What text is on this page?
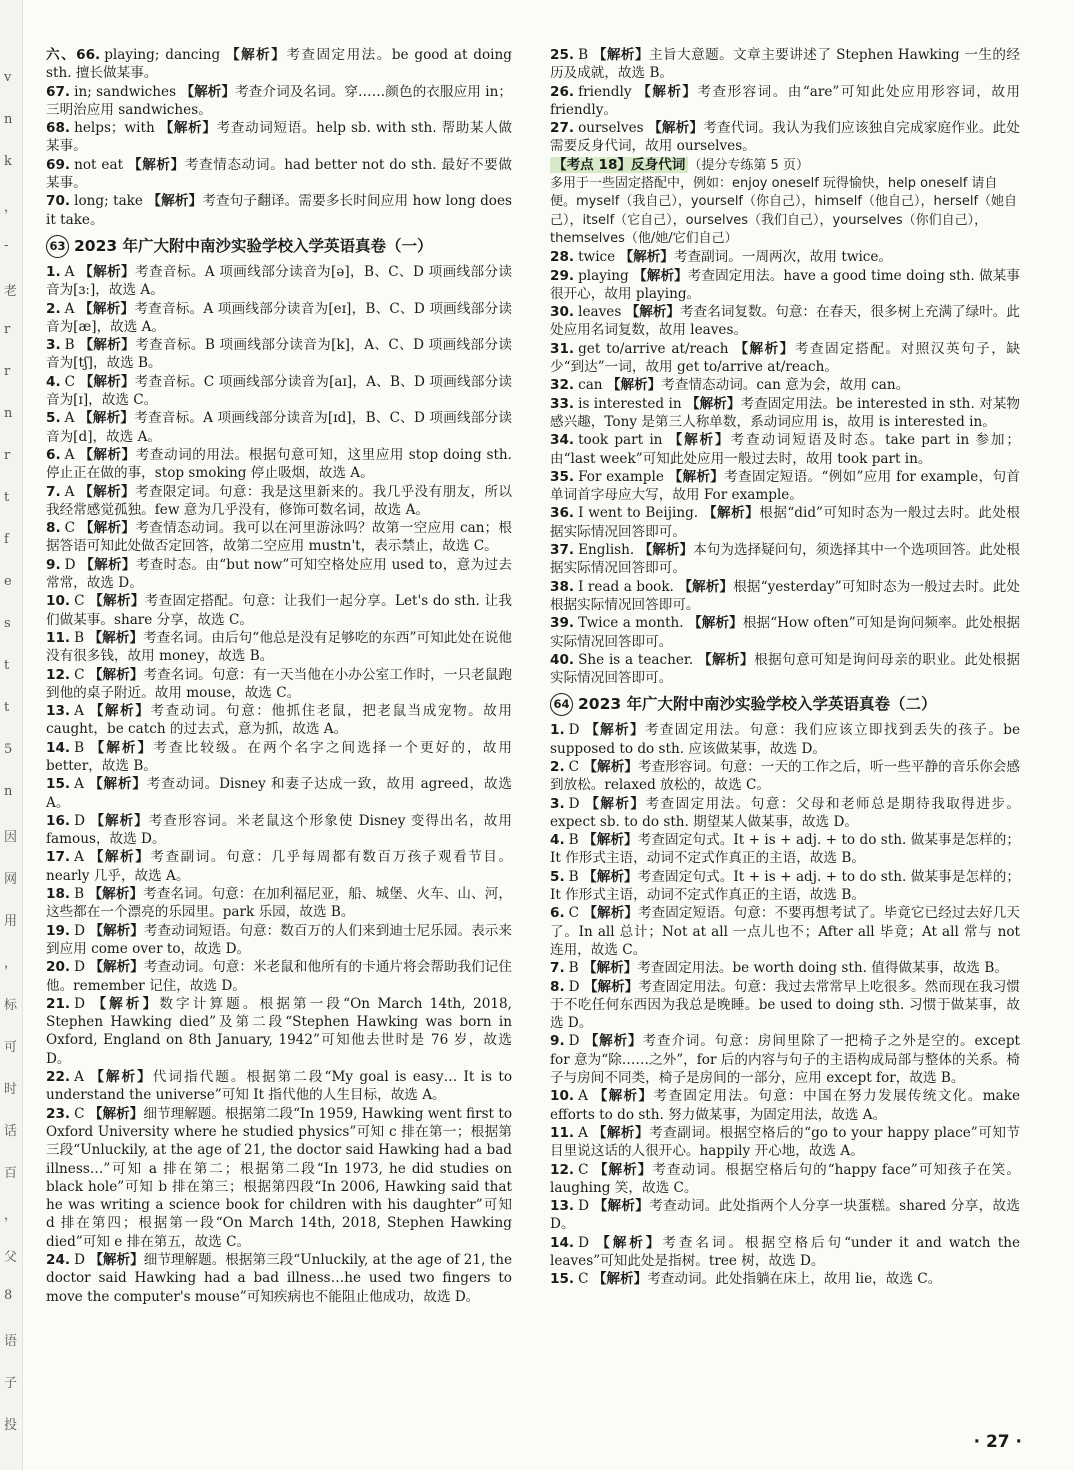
v
n
k
，
-
老
r
r
n
r
t
f
e
s
t
t
5
n
因
网
用
，
标
可
时
话
百
，
父
8
语
子
投
六、66. playing; dancing 【解析】考查固定用法。be good at doing sth. 擅长做某事。
67. in; sandwiches 【解析】考查介词及名词。穿……颜色的衣服应用 in；三明治应用 sandwiches。
68. helps；with 【解析】考查动词短语。help sb. with sth. 帮助某人做某事。
69. not eat 【解析】考查情态动词。had better not do sth. 最好不要做某事。
70. long; take 【解析】考查句子翻译。需要多长时间应用 how long does it take。
63 2023 年广大附中南沙实验学校入学英语真卷（一）
1. A 【解析】考查音标。A 项画线部分读音为[ə]，B、C、D 项画线部分读音为[ɜː]，故选 A。
2. A 【解析】考查音标。A 项画线部分读音为[eɪ]，B、C、D 项画线部分读音为[æ]，故选 A。
3. B 【解析】考查音标。B 项画线部分读音为[k]，A、C、D 项画线部分读音为[tʃ]，故选 B。
4. C 【解析】考查音标。C 项画线部分读音为[aɪ]，A、B、D 项画线部分读音为[ɪ]，故选 C。
5. A 【解析】考查音标。A 项画线部分读音为[ɪd]，B、C、D 项画线部分读音为[d]，故选 A。
6. A 【解析】考查动词的用法。根据句意可知，这里应用 stop doing sth. 停止正在做的事，stop smoking 停止吸烟，故选 A。
7. A 【解析】考查限定词。句意：我是这里新来的。我几乎没有朋友，所以我经常感觉孤独。few 意为几乎没有，修饰可数名词，故选 A。
8. C 【解析】考查情态动词。我可以在河里游泳吗？故第一空应用 can；根据答语可知此处做否定回答，故第二空应用 mustn't，表示禁止，故选 C。
9. D 【解析】考查时态。由“but now”可知空格处应用 used to，意为过去常常，故选 D。
10. C 【解析】考查固定搭配。句意：让我们一起分享。Let's do sth. 让我们做某事。share 分享，故选 C。
11. B 【解析】考查名词。由后句“他总是没有足够吃的东西”可知此处在说他没有很多钱，故用 money，故选 B。
12. C 【解析】考查名词。句意：有一天当他在小办公室工作时，一只老鼠跑到他的桌子附近。故用 mouse，故选 C。
13. A 【解析】考查动词。句意：他抓住老鼠，把老鼠当成宠物。故用 caught，be catch 的过去式，意为抓，故选 A。
14. B 【解析】考查比较级。在两个名字之间选择一个更好的，故用 better，故选 B。
15. A 【解析】考查动词。Disney 和妻子达成一致，故用 agreed，故选 A。
16. D 【解析】考查形容词。米老鼠这个形象使 Disney 变得出名，故用 famous，故选 D。
17. A 【解析】考查副词。句意：几乎每周都有数百万孩子观看节目。nearly 几乎，故选 A。
18. B 【解析】考查名词。句意：在加利福尼亚，船、城堡、火车、山、河，这些都在一个漂亮的乐园里。park 乐园，故选 B。
19. D 【解析】考查动词短语。句意：数百万的人们来到迪士尼乐园。表示来到应用 come over to，故选 D。
20. D 【解析】考查动词。句意：米老鼠和他所有的卡通片将会帮助我们记住他。remember 记住，故选 D。
21. D 【解析】数字计算题。根据第一段“On March 14th, 2018, Stephen Hawking died”及第二段“Stephen Hawking was born in Oxford, England on 8th January, 1942”可知他去世时是 76 岁，故选 D。
22. A 【解析】代词指代题。根据第二段“My goal is easy… It is to understand the universe”可知 It 指代他的人生目标，故选 A。
23. C 【解析】细节理解题。根据第二段“In 1959, Hawking went first to Oxford University where he studied physics”可知 c 排在第一；根据第三段“Unluckily, at the age of 21, the doctor said Hawking had a bad illness…”可知 a 排在第二；根据第二段“In 1973, he did studies on black hole”可知 b 排在第三；根据第四段“In 2006, Hawking said that he was writing a science book for children with his daughter”可知 d 排在第四；根据第一段“On March 14th, 2018, Stephen Hawking died”可知 e 排在第五，故选 C。
24. D 【解析】细节理解题。根据第三段“Unluckily, at the age of 21, the doctor said Hawking had a bad illness…he used two fingers to move the computer's mouse”可知疾病也不能阻止他成功，故选 D。
25. B 【解析】主旨大意题。文章主要讲述了 Stephen Hawking 一生的经历及成就，故选 B。
26. friendly 【解析】考查形容词。由“are”可知此处应用形容词，故用 friendly。
27. ourselves 【解析】考查代词。我认为我们应该独自完成家庭作业。此处需要反身代词，故用 ourselves。
【考点 18】反身代词 （提分专练第 5 页）
多用于一些固定搭配中，例如：enjoy oneself 玩得愉快，help oneself 请自便。myself（我自己），yourself（你自己），himself（他自己），herself（她自己），itself（它自己），ourselves（我们自己），yourselves（你们自己），themselves（他/她/它们自己）
28. twice 【解析】考查副词。一周两次，故用 twice。
29. playing 【解析】考查固定用法。have a good time doing sth. 做某事很开心，故用 playing。
30. leaves 【解析】考查名词复数。句意：在春天，很多树上充满了绿叶。此处应用名词复数，故用 leaves。
31. get to/arrive at/reach 【解析】考查固定搭配。对照汉英句子，缺少“到达”一词，故用 get to/arrive at/reach。
32. can 【解析】考查情态动词。can 意为会，故用 can。
33. is interested in 【解析】考查固定用法。be interested in sth. 对某物感兴趣，Tony 是第三人称单数，系动词应用 is，故用 is interested in。
34. took part in 【解析】考查动词短语及时态。take part in 参加；由“last week”可知此处应用一般过去时，故用 took part in。
35. For example 【解析】考查固定短语。“例如”应用 for example，句首单词首字母应大写，故用 For example。
36. I went to Beijing. 【解析】根据“did”可知时态为一般过去时。此处根据实际情况回答即可。
37. English. 【解析】本句为选择疑问句，须选择其中一个选项回答。此处根据实际情况回答即可。
38. I read a book. 【解析】根据“yesterday”可知时态为一般过去时。此处根据实际情况回答即可。
39. Twice a month. 【解析】根据“How often”可知是询问频率。此处根据实际情况回答即可。
40. She is a teacher. 【解析】根据句意可知是询问母亲的职业。此处根据实际情况回答即可。
64 2023 年广大附中南沙实验学校入学英语真卷（二）
1. D 【解析】考查固定用法。句意：我们应该立即找到丢失的孩子。be supposed to do sth. 应该做某事，故选 D。
2. C 【解析】考查形容词。句意：一天的工作之后，听一些平静的音乐你会感到放松。relaxed 放松的，故选 C。
3. D 【解析】考查固定用法。句意：父母和老师总是期待我取得进步。expect sb. to do sth. 期望某人做某事，故选 D。
4. B 【解析】考查固定句式。It + is + adj. + to do sth. 做某事是怎样的；It 作形式主语，动词不定式作真正的主语，故选 B。
5. B 【解析】考查固定句式。It + is + adj. + to do sth. 做某事是怎样的；It 作形式主语，动词不定式作真正的主语，故选 B。
6. C 【解析】考查固定短语。句意：不要再想考试了。毕竟它已经过去好几天了。In all 总计；Not at all 一点儿也不；After all 毕竟；At all 常与 not 连用，故选 C。
7. B 【解析】考查固定用法。be worth doing sth. 值得做某事，故选 B。
8. D 【解析】考查固定用法。句意：我过去常常早上吃很多。然而现在我习惯于不吃任何东西因为我总是晚睡。be used to doing sth. 习惯于做某事，故选 D。
9. D 【解析】考查介词。句意：房间里除了一把椅子之外是空的。except for 意为“除……之外”，for 后的内容与句子的主语构成局部与整体的关系。椅子与房间不同类，椅子是房间的一部分，应用 except for，故选 B。
10. A 【解析】考查固定用法。句意：中国在努力发展传统文化。make efforts to do sth. 努力做某事，为固定用法，故选 A。
11. A 【解析】考查副词。根据空格后的“go to your happy place”可知节目里说这话的人很开心。happily 开心地，故选 A。
12. C 【解析】考查动词。根据空格后句的“happy face”可知孩子在笑。laughing 笑，故选 C。
13. D 【解析】考查动词。此处指两个人分享一块蛋糕。shared 分享，故选 D。
14. D 【解析】考查名词。根据空格后句“under it and watch the leaves”可知此处是指树。tree 树，故选 D。
15. C 【解析】考查动词。此处指躺在床上，故用 lie，故选 C。
· 27 ·
